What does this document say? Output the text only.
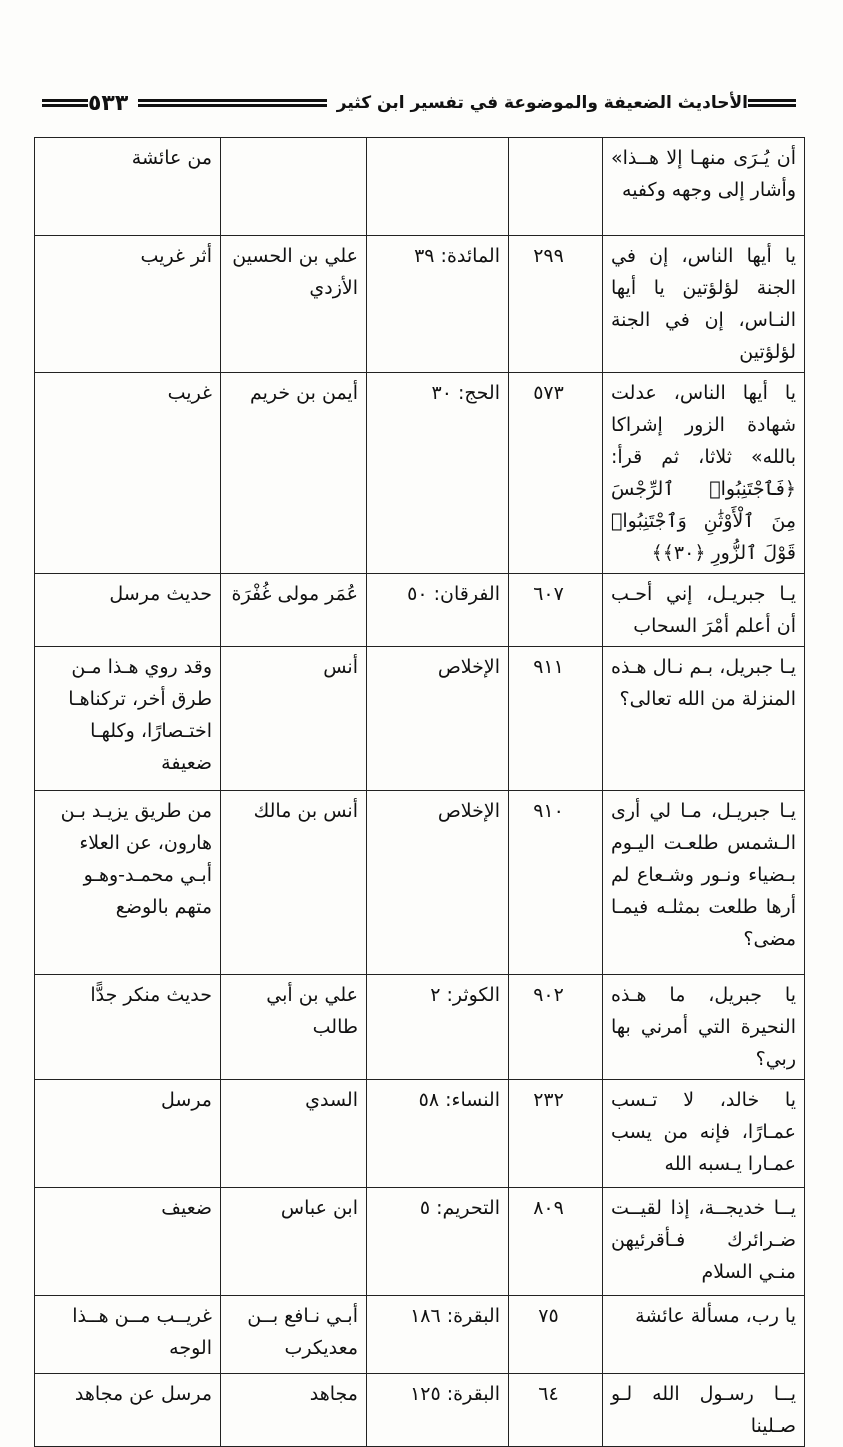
الأحاديث الضعيفة والموضوعة في تفسير ابن كثير
٥٣٣
أن يُـرَى منهـا إلا هــذا» وأشار إلى وجهه وكفيه				من عائشة
يا أيها الناس، إن في الجنة لؤلؤتين يا أيها النـاس، إن في الجنة لؤلؤتين	٢٩٩	المائدة: ٣٩	علي بن الحسين الأزدي	أثر غريب
يا أيها الناس، عدلت شهادة الزور إشراكا بالله» ثلاثا، ثم قرأ: ﴿فَٱجْتَنِبُوا۟ ٱلرِّجْسَ مِنَ ٱلْأَوْثَٰنِ وَٱجْتَنِبُوا۟ قَوْلَ ٱلزُّورِ ﴿٣٠﴾﴾	٥٧٣	الحج: ٣٠	أيمن بن خريم	غريب
يـا جبريـل، إني أحـب أن أعلم أمْرَ السحاب	٦٠٧	الفرقان: ٥٠	عُمَر مولى غُفْرَة	حديث مرسل
يـا جبريل، بـم نـال هـذه المنزلة من الله تعالى؟	٩١١	الإخلاص	أنس	وقد روي هـذا مـن طرق أخر، تركناهـا اختـصارًا، وكلهـا ضعيفة
يـا جبريـل، مـا لي أرى الـشمس طلعـت اليـوم بـضياء ونـور وشـعاع لم أرها طلعت بمثلـه فيمـا مضى؟	٩١٠	الإخلاص	أنس بن مالك	من طريق يزيـد بـن هارون، عن العلاء أبـي محمـد-وهـو متهم بالوضع
يا جبريل، ما هـذه النحيرة التي أمرني بها ربي؟	٩٠٢	الكوثر: ٢	علي بن أبي طالب	حديث منكر جدًّا
يا خالد، لا تـسب عمـارًا، فإنه من يسب عمـارا يـسبه الله	٢٣٢	النساء: ٥٨	السدي	مرسل
يــا خديجــة، إذا لقيــت ضـرائرك فـأقرئيهن منـي السلام	٨٠٩	التحريم: ٥	ابن عباس	ضعيف
يا رب، مسألة عائشة	٧٥	البقرة: ١٨٦	أبـي نـافع بــن معديكرب	غريــب مــن هــذا الوجه
يــا رسـول الله لـو صـلينا	٦٤	البقرة: ١٢٥	مجاهد	مرسل عن مجاهد
